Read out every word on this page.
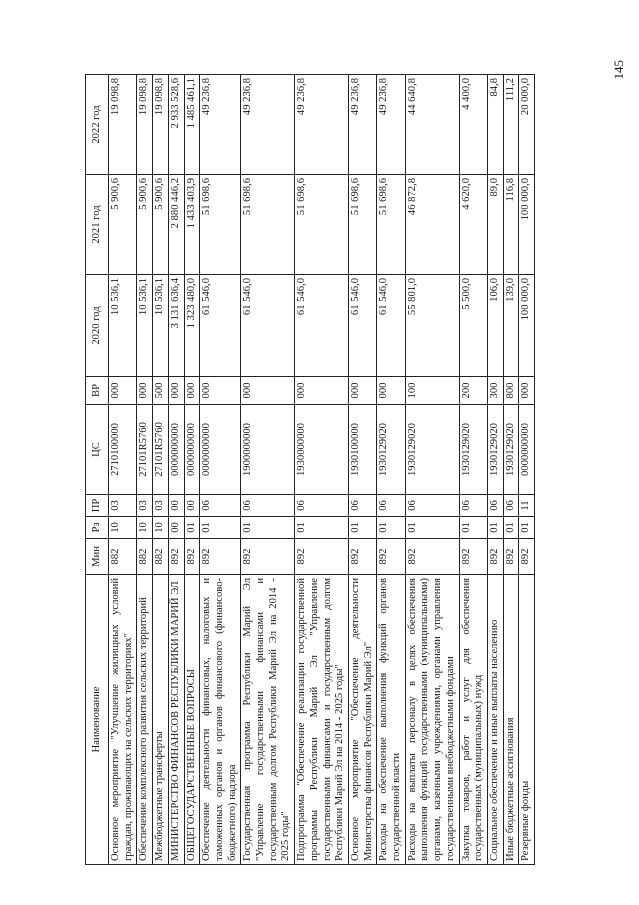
145
Наименование	Мин	Рз	ПР	ЦС	ВР	2020 год	2021 год	2022 год
Основное мероприятие "Улучшение жилищных условий граждан, проживающих на сельских территориях"	882	10	03	2710100000	000	10 536,1	5 900,6	19 098,8
Обеспечение комплексного развития сельских территорий	882	10	03	27101R5760	000	10 536,1	5 900,6	19 098,8
Межбюджетные трансферты	882	10	03	27101R5760	500	10 536,1	5 900,6	19 098,8
МИНИСТЕРСТВО ФИНАНСОВ РЕСПУБЛИКИ МАРИЙ ЭЛ	892	00	00	0000000000	000	3 131 636,4	2 880 446,2	2 933 528,6
ОБЩЕГОСУДАРСТВЕННЫЕ ВОПРОСЫ	892	01	00	0000000000	000	1 323 480,0	1 433 403,9	1 485 461,1
Обеспечение деятельности финансовых, налоговых и таможенных органов и органов финансового (финансово-бюджетного) надзора	892	01	06	0000000000	000	61 546,0	51 698,6	49 236,8
Государственная программа Республики Марий Эл "Управление государственными финансами и государственным долгом Республики Марий Эл на 2014 - 2025 годы"	892	01	06	1900000000	000	61 546,0	51 698,6	49 236,8
Подпрограмма "Обеспечение реализации государственной программы Республики Марий Эл "Управление государственными финансами и государственным долгом Республики Марий Эл на 2014 - 2025 годы"	892	01	06	1930000000	000	61 546,0	51 698,6	49 236,8
Основное мероприятие "Обеспечение деятельности Министерства финансов Республики Марий Эл"	892	01	06	1930100000	000	61 546,0	51 698,6	49 236,8
Расходы на обеспечение выполнения функций органов государственной власти	892	01	06	1930129020	000	61 546,0	51 698,6	49 236,8
Расходы на выплаты персоналу в целях обеспечения выполнения функций государственными (муниципальными) органами, казенными учреждениями, органами управления государственными внебюджетными фондами	892	01	06	1930129020	100	55 801,0	46 872,8	44 640,8
Закупка товаров, работ и услуг для обеспечения государственных (муниципальных) нужд	892	01	06	1930129020	200	5 500,0	4 620,0	4 400,0
Социальное обеспечение и иные выплаты населению	892	01	06	1930129020	300	106,0	89,0	84,8
Иные бюджетные ассигнования	892	01	06	1930129020	800	139,0	116,8	111,2
Резервные фонды	892	01	11	0000000000	000	100 000,0	100 000,0	20 000,0
